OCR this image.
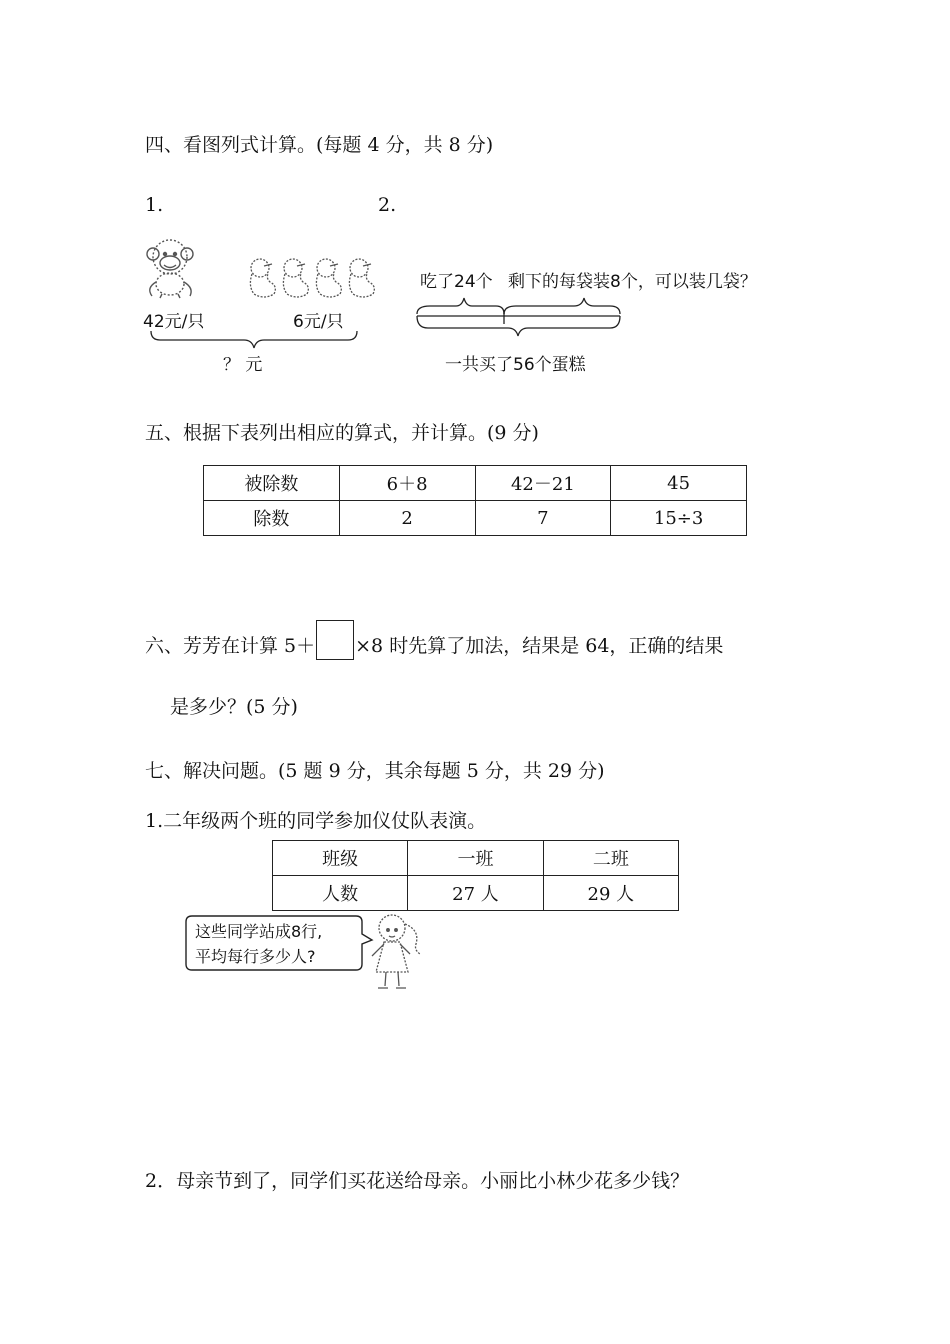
四、看图列式计算。(每题 4 分，共 8 分)
1.	2.
42元/只	6元/只
？ 元
吃了24个 剩下的每袋装8个，可以装几袋？
一共买了56个蛋糕
五、根据下表列出相应的算式，并计算。(9 分)
被除数	6＋8	42－21	45
除数	2	7	15÷3
六、芳芳在计算 5＋ ×8 时先算了加法，结果是 64，正确的结果
是多少？(5 分)
七、解决问题。(5 题 9 分，其余每题 5 分，共 29 分)
1.二年级两个班的同学参加仪仗队表演。
班级	一班	二班
人数	27 人	29 人
这些同学站成8行,
平均每行多少人?
2．母亲节到了，同学们买花送给母亲。小丽比小林少花多少钱？
